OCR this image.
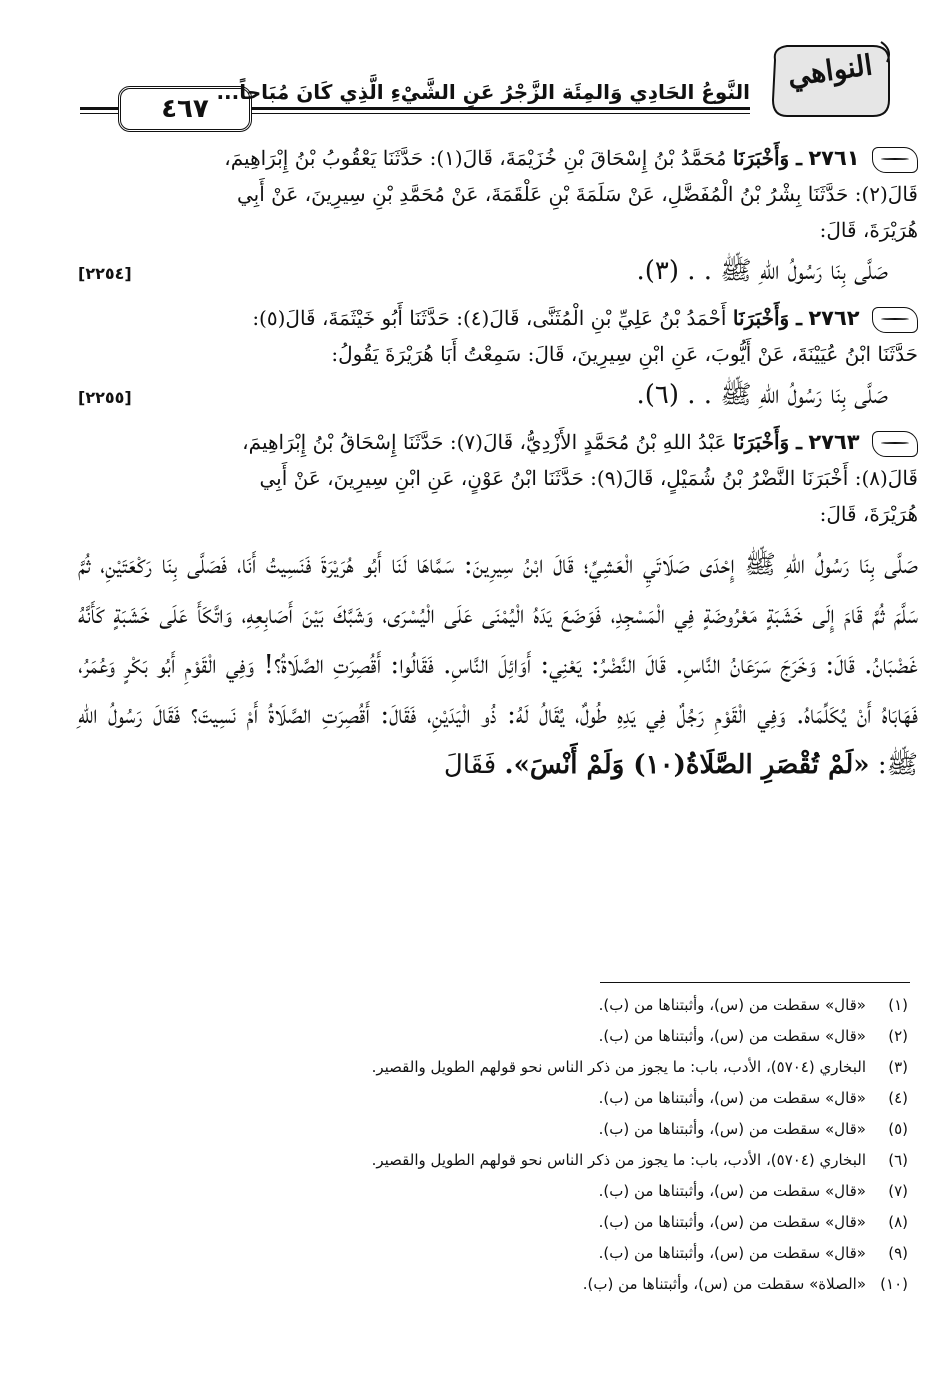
٤٦٧
النَّوعُ الحَادِي وَالمِئَة الزَّجْرُ عَنِ الشَّيْءِ الَّذِي كَانَ مُبَاحاً...	النواهي
٢٧٦١ ـ وَأَخْبَرَنَا مُحَمَّدُ بْنُ إِسْحَاقَ بْنِ خُزَيْمَةَ، قَالَ(١): حَدَّثَنَا يَعْقُوبُ بْنُ إِبْرَاهِيمَ،
قَالَ(٢): حَدَّثَنَا بِشْرُ بْنُ الْمُفَضَّلِ، عَنْ سَلَمَةَ بْنِ عَلْقَمَةَ، عَنْ مُحَمَّدِ بْنِ سِيرِينَ، عَنْ أَبِي
هُرَيْرَةَ، قَالَ:
صَلَّى بِنَا رَسُولُ اللهِ ﷺ . . (٣).
[٢٢٥٤]
٢٧٦٢ ـ وَأَخْبَرَنَا أَحْمَدُ بْنُ عَلِيِّ بْنِ الْمُثَنَّى، قَالَ(٤): حَدَّثَنَا أَبُو خَيْثَمَةَ، قَالَ(٥):
حَدَّثَنَا ابْنُ عُيَيْنَةَ، عَنْ أَيُّوبَ، عَنِ ابْنِ سِيرِينَ، قَالَ: سَمِعْتُ أَبَا هُرَيْرَةَ يَقُولُ:
صَلَّى بِنَا رَسُولُ اللهِ ﷺ . . (٦).
[٢٢٥٥]
٢٧٦٣ ـ وَأَخْبَرَنَا عَبْدُ اللهِ بْنُ مُحَمَّدٍ الأَزْدِيُّ، قَالَ(٧): حَدَّثَنَا إِسْحَاقُ بْنُ إِبْرَاهِيمَ،
قَالَ(٨): أَخْبَرَنَا النَّضْرُ بْنُ شُمَيْلٍ، قَالَ(٩): حَدَّثَنَا ابْنُ عَوْنٍ، عَنِ ابْنِ سِيرِينَ، عَنْ أَبِي
هُرَيْرَةَ، قَالَ:
صَلَّى بِنَا رَسُولُ اللهِ ﷺ إِحْدَى صَلَاتَيِ الْعَشِيِّ؛ قَالَ ابْنُ سِيرِينَ: سَمَّاهَا لَنَا أَبُو هُرَيْرَةَ فَنَسِيتُ أَنَا، فَصَلَّى بِنَا رَكْعَتَيْنِ، ثُمَّ سَلَّمَ ثُمَّ قَامَ إِلَى خَشَبَةٍ مَعْرُوضَةٍ فِي الْمَسْجِدِ، فَوَضَعَ يَدَهُ الْيُمْنَى عَلَى الْيُسْرَى، وَشَبَّكَ بَيْنَ أَصَابِعِهِ، وَاتَّكَأَ عَلَى خَشَبَةٍ كَأَنَّهُ غَضْبَانُ. قَالَ: وَخَرَجَ سَرَعَانُ النَّاسِ. قَالَ النَّضْرُ: يَعْنِي: أَوَائِلَ النَّاسِ. فَقَالُوا: أَقُصِرَتِ الصَّلَاةُ؟! وَفِي الْقَوْمِ أَبُو بَكْرٍ وَعُمَرُ، فَهَابَاهُ أَنْ يُكَلِّمَاهُ. وَفِي الْقَوْمِ رَجُلٌ فِي يَدِهِ طُولٌ، يُقَالُ لَهُ: ذُو الْيَدَيْنِ، فَقَالَ: أَقُصِرَتِ الصَّلَاةُ أَمْ نَسِيتَ؟ فَقَالَ رَسُولُ اللهِ ﷺ: «لَمْ تُقْصَرِ الصَّلَاةُ(١٠) وَلَمْ أَنْسَ». فَقَالَ
(١)«قال» سقطت من (س)، وأثبتناها من (ب).
(٢)«قال» سقطت من (س)، وأثبتناها من (ب).
(٣)البخاري (٥٧٠٤)، الأدب، باب: ما يجوز من ذكر الناس نحو قولهم الطويل والقصير.
(٤)«قال» سقطت من (س)، وأثبتناها من (ب).
(٥)«قال» سقطت من (س)، وأثبتناها من (ب).
(٦)البخاري (٥٧٠٤)، الأدب، باب: ما يجوز من ذكر الناس نحو قولهم الطويل والقصير.
(٧)«قال» سقطت من (س)، وأثبتناها من (ب).
(٨)«قال» سقطت من (س)، وأثبتناها من (ب).
(٩)«قال» سقطت من (س)، وأثبتناها من (ب).
(١٠)«الصلاة» سقطت من (س)، وأثبتناها من (ب).
